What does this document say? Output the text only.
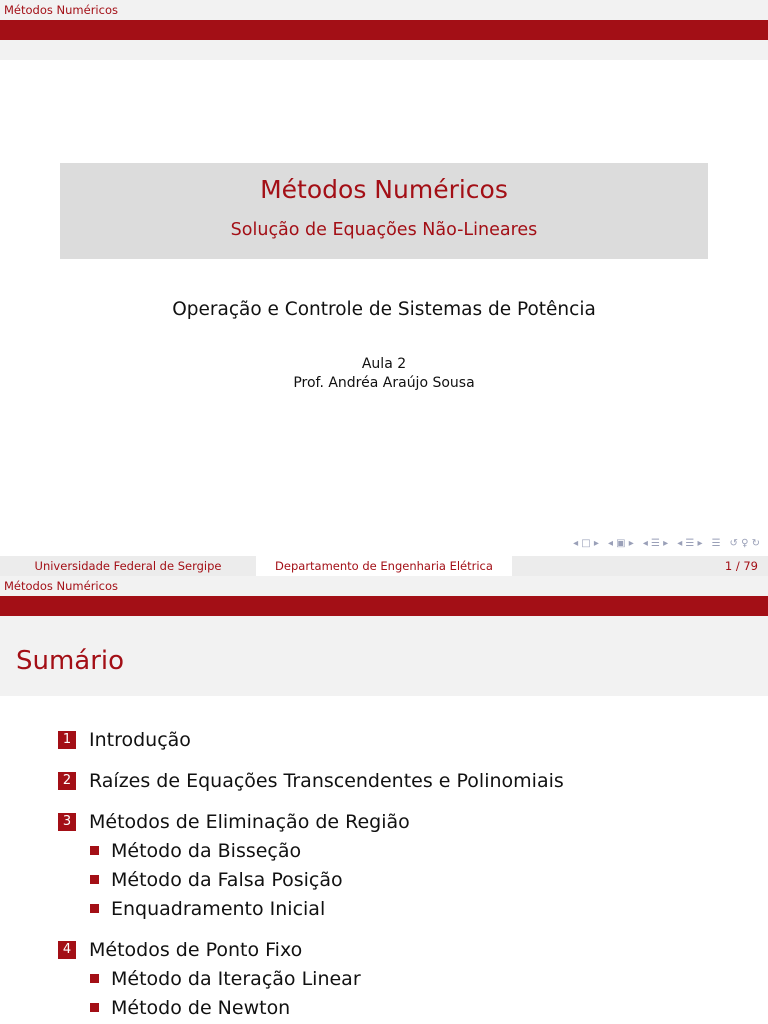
Métodos Numéricos
Métodos Numéricos
Solução de Equações Não-Lineares
Operação e Controle de Sistemas de Potência
Aula 2
Prof. Andréa Araújo Sousa
◂ □ ▸ ◂ ▣ ▸ ◂ ☰ ▸ ◂ ☰ ▸ ☰ ↺ ♀ ↻
Universidade Federal de Sergipe	Departamento de Engenharia Elétrica	1 / 79
Métodos Numéricos
Sumário
1 Introdução
2 Raízes de Equações Transcendentes e Polinomiais
3 Métodos de Eliminação de Região
Método da Bisseção
Método da Falsa Posição
Enquadramento Inicial
4 Métodos de Ponto Fixo
Método da Iteração Linear
Método de Newton
